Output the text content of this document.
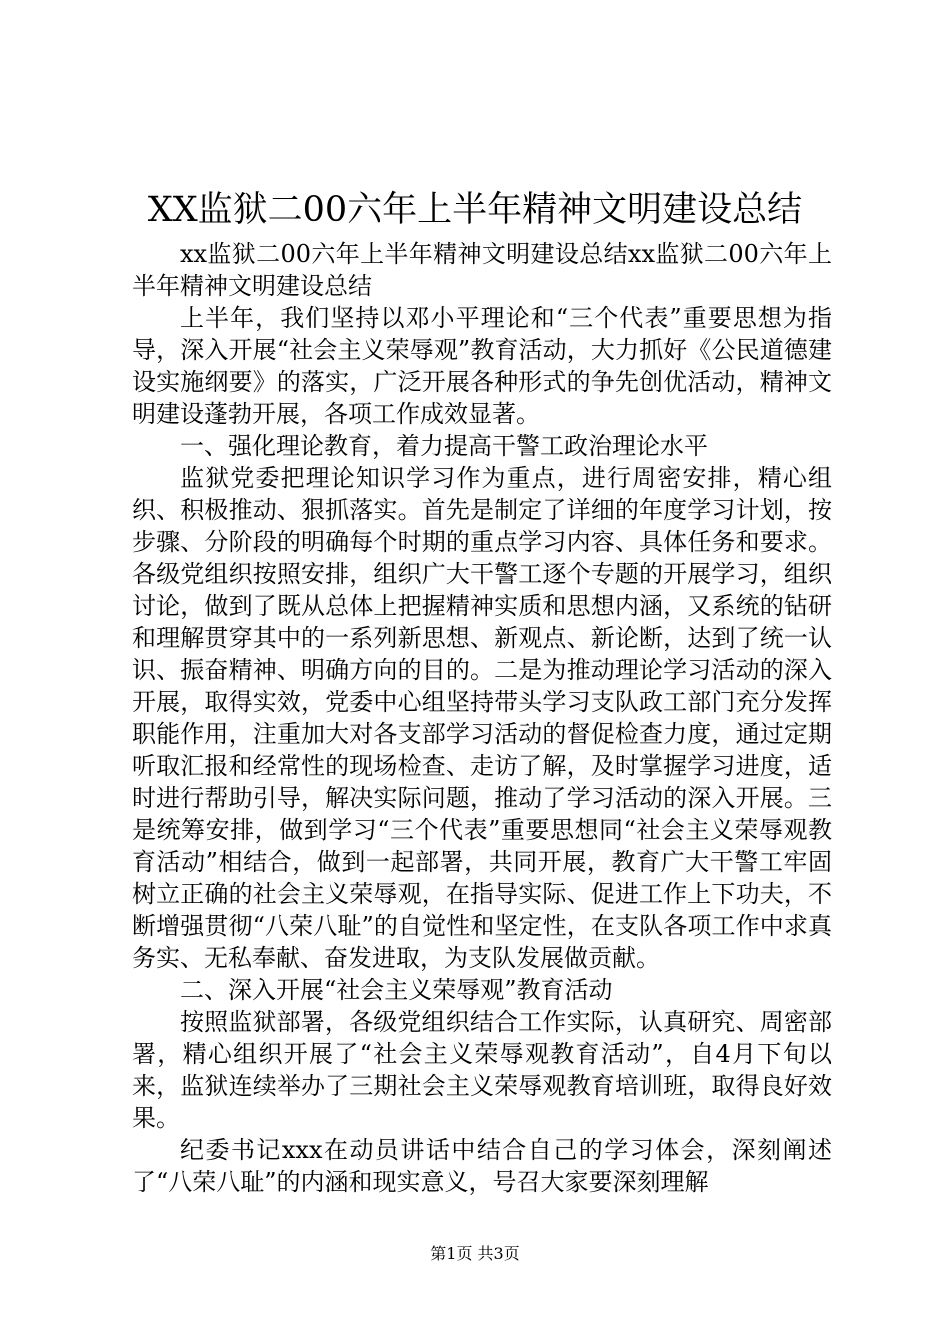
XX监狱二00六年上半年精神文明建设总结

xx监狱二00六年上半年精神文明建设总结xx监狱二00六年上半年精神文明建设总结

上半年，我们坚持以邓小平理论和“三个代表”重要思想为指导，深入开展“社会主义荣辱观”教育活动，大力抓好《公民道德建设实施纲要》的落实，广泛开展各种形式的争先创优活动，精神文明建设蓬勃开展，各项工作成效显著。

一、强化理论教育，着力提高干警工政治理论水平

监狱党委把理论知识学习作为重点，进行周密安排，精心组织、积极推动、狠抓落实。首先是制定了详细的年度学习计划，按步骤、分阶段的明确每个时期的重点学习内容、具体任务和要求。各级党组织按照安排，组织广大干警工逐个专题的开展学习，组织讨论，做到了既从总体上把握精神实质和思想内涵，又系统的钻研和理解贯穿其中的一系列新思想、新观点、新论断，达到了统一认识、振奋精神、明确方向的目的。二是为推动理论学习活动的深入开展，取得实效，党委中心组坚持带头学习支队政工部门充分发挥职能作用，注重加大对各支部学习活动的督促检查力度，通过定期听取汇报和经常性的现场检查、走访了解，及时掌握学习进度，适时进行帮助引导，解决实际问题，推动了学习活动的深入开展。三是统筹安排，做到学习“三个代表”重要思想同“社会主义荣辱观教育活动”相结合，做到一起部署，共同开展，教育广大干警工牢固树立正确的社会主义荣辱观，在指导实际、促进工作上下功夫，不断增强贯彻“八荣八耻”的自觉性和坚定性，在支队各项工作中求真务实、无私奉献、奋发进取，为支队发展做贡献。

二、深入开展“社会主义荣辱观”教育活动

按照监狱部署，各级党组织结合工作实际，认真研究、周密部署，精心组织开展了“社会主义荣辱观教育活动”，自4月下旬以来，监狱连续举办了三期社会主义荣辱观教育培训班，取得良好效果。

纪委书记xxx在动员讲话中结合自己的学习体会，深刻阐述了“八荣八耻”的内涵和现实意义，号召大家要深刻理解

第1页 共3页
